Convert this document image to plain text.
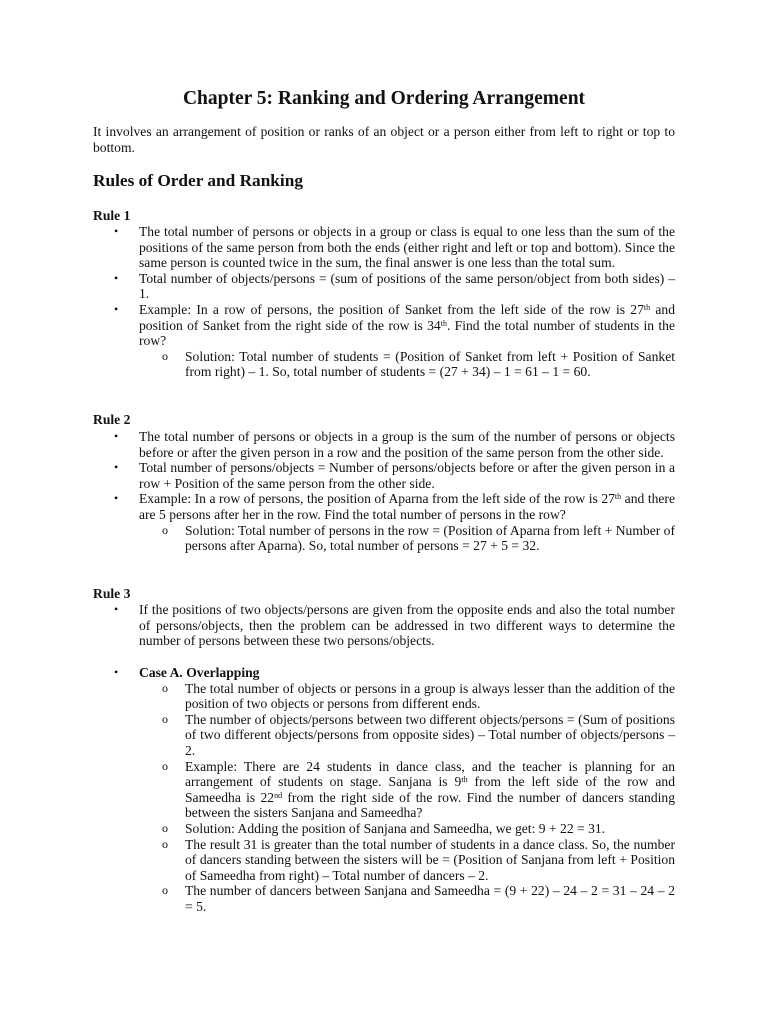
Chapter 5: Ranking and Ordering Arrangement
It involves an arrangement of position or ranks of an object or a person either from left to right or top to bottom.
Rules of Order and Ranking
Rule 1
• The total number of persons or objects in a group or class is equal to one less than the sum of the positions of the same person from both the ends (either right and left or top and bottom). Since the same person is counted twice in the sum, the final answer is one less than the total sum.
• Total number of objects/persons = (sum of positions of the same person/object from both sides) – 1.
• Example: In a row of persons, the position of Sanket from the left side of the row is 27th and position of Sanket from the right side of the row is 34th. Find the total number of students in the row?
o Solution: Total number of students = (Position of Sanket from left + Position of Sanket from right) – 1. So, total number of students = (27 + 34) – 1 = 61 – 1 = 60.
Rule 2
• The total number of persons or objects in a group is the sum of the number of persons or objects before or after the given person in a row and the position of the same person from the other side.
• Total number of persons/objects = Number of persons/objects before or after the given person in a row + Position of the same person from the other side.
• Example: In a row of persons, the position of Aparna from the left side of the row is 27th and there are 5 persons after her in the row. Find the total number of persons in the row?
o Solution: Total number of persons in the row = (Position of Aparna from left + Number of persons after Aparna). So, total number of persons = 27 + 5 = 32.
Rule 3
• If the positions of two objects/persons are given from the opposite ends and also the total number of persons/objects, then the problem can be addressed in two different ways to determine the number of persons between these two persons/objects.
• Case A. Overlapping
o The total number of objects or persons in a group is always lesser than the addition of the position of two objects or persons from different ends.
o The number of objects/persons between two different objects/persons = (Sum of positions of two different objects/persons from opposite sides) – Total number of objects/persons – 2.
o Example: There are 24 students in dance class, and the teacher is planning for an arrangement of students on stage. Sanjana is 9th from the left side of the row and Sameedha is 22nd from the right side of the row. Find the number of dancers standing between the sisters Sanjana and Sameedha?
o Solution: Adding the position of Sanjana and Sameedha, we get: 9 + 22 = 31.
o The result 31 is greater than the total number of students in a dance class. So, the number of dancers standing between the sisters will be = (Position of Sanjana from left + Position of Sameedha from right) – Total number of dancers – 2.
o The number of dancers between Sanjana and Sameedha = (9 + 22) – 24 – 2 = 31 – 24 – 2 = 5.
